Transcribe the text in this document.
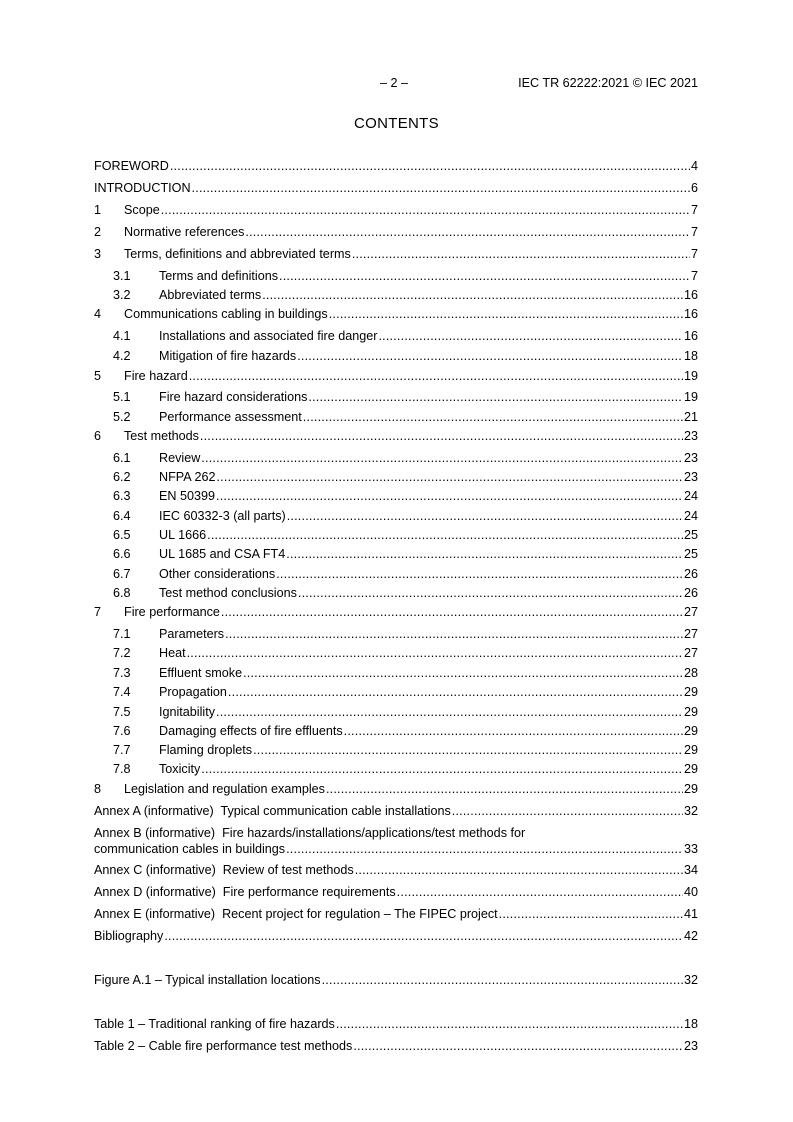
– 2 –	IEC TR 62222:2021 © IEC 2021
CONTENTS
FOREWORD .....	4
INTRODUCTION .....	6
1	Scope .....	7
2	Normative references .....	7
3	Terms, definitions and abbreviated terms .....	7
3.1	Terms and definitions .....	7
3.2	Abbreviated terms .....	16
4	Communications cabling in buildings .....	16
4.1	Installations and associated fire danger .....	16
4.2	Mitigation of fire hazards .....	18
5	Fire hazard .....	19
5.1	Fire hazard considerations .....	19
5.2	Performance assessment .....	21
6	Test methods .....	23
6.1	Review .....	23
6.2	NFPA 262 .....	23
6.3	EN 50399 .....	24
6.4	IEC 60332-3 (all parts) .....	24
6.5	UL 1666 .....	25
6.6	UL 1685 and CSA FT4 .....	25
6.7	Other considerations .....	26
6.8	Test method conclusions .....	26
7	Fire performance .....	27
7.1	Parameters .....	27
7.2	Heat .....	27
7.3	Effluent smoke .....	28
7.4	Propagation .....	29
7.5	Ignitability .....	29
7.6	Damaging effects of fire effluents .....	29
7.7	Flaming droplets .....	29
7.8	Toxicity .....	29
8	Legislation and regulation examples .....	29
Annex A (informative)  Typical communication cable installations .....	32
Annex B (informative)  Fire hazards/installations/applications/test methods for
communication cables in buildings .....	33
Annex C (informative)  Review of test methods .....	34
Annex D (informative)  Fire performance requirements .....	40
Annex E (informative)  Recent project for regulation – The FIPEC project .....	41
Bibliography .....	42
Figure A.1 – Typical installation locations .....	32
Table 1 – Traditional ranking of fire hazards .....	18
Table 2 – Cable fire performance test methods .....	23
